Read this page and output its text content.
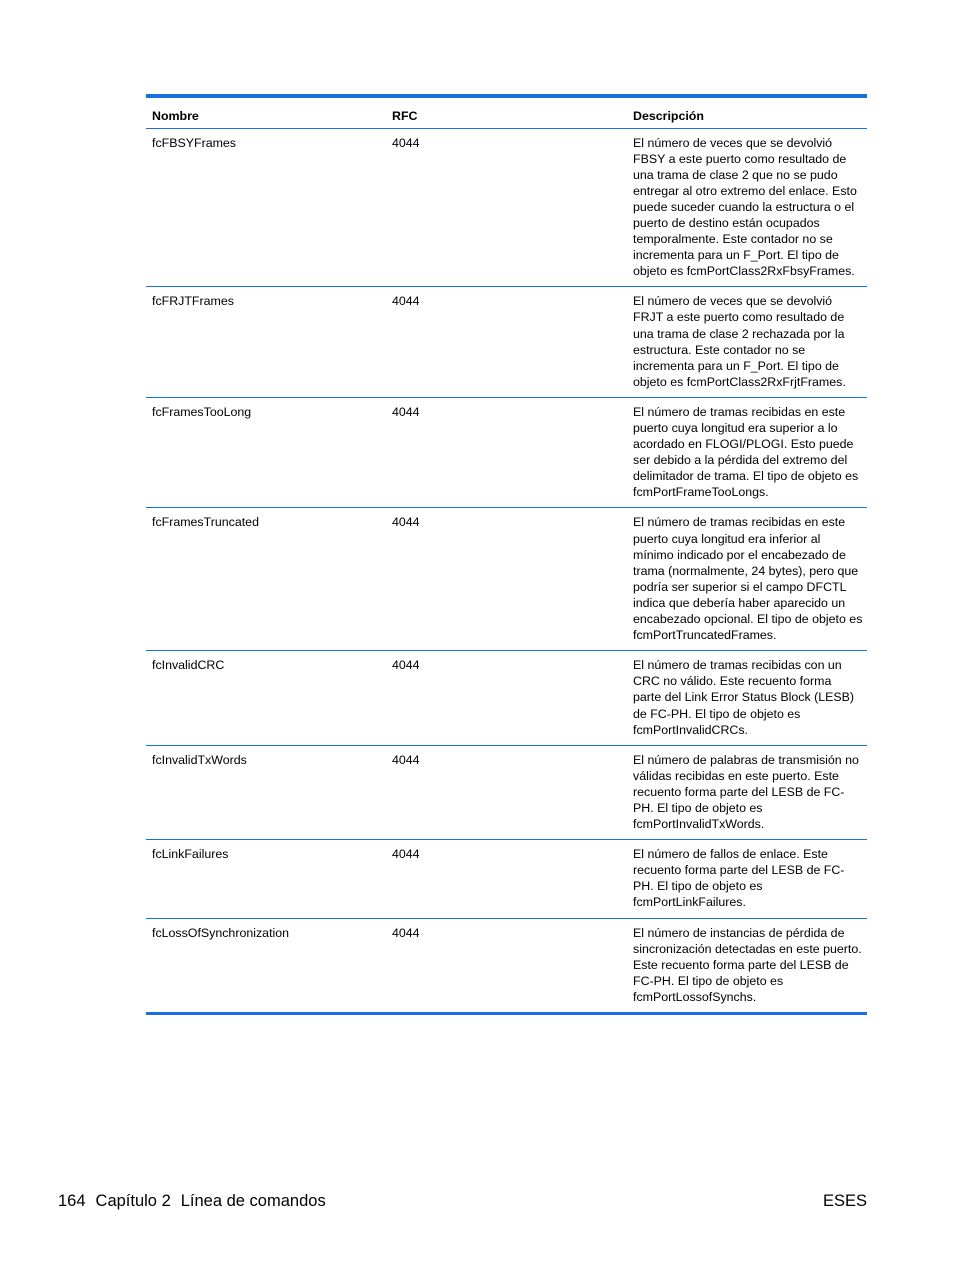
Nombre	RFC	Descripción
fcFBSYFrames	4044	El número de veces que se devolvió FBSY a este puerto como resultado de una trama de clase 2 que no se pudo entregar al otro extremo del enlace. Esto puede suceder cuando la estructura o el puerto de destino están ocupados temporalmente. Este contador no se incrementa para un F_Port. El tipo de objeto es fcmPortClass2RxFbsyFrames.
fcFRJTFrames	4044	El número de veces que se devolvió FRJT a este puerto como resultado de una trama de clase 2 rechazada por la estructura. Este contador no se incrementa para un F_Port. El tipo de objeto es fcmPortClass2RxFrjtFrames.
fcFramesTooLong	4044	El número de tramas recibidas en este puerto cuya longitud era superior a lo acordado en FLOGI/PLOGI. Esto puede ser debido a la pérdida del extremo del delimitador de trama. El tipo de objeto es fcmPortFrameTooLongs.
fcFramesTruncated	4044	El número de tramas recibidas en este puerto cuya longitud era inferior al mínimo indicado por el encabezado de trama (normalmente, 24 bytes), pero que podría ser superior si el campo DFCTL indica que debería haber aparecido un encabezado opcional. El tipo de objeto es fcmPortTruncatedFrames.
fcInvalidCRC	4044	El número de tramas recibidas con un CRC no válido. Este recuento forma parte del Link Error Status Block (LESB) de FC-PH. El tipo de objeto es fcmPortInvalidCRCs.
fcInvalidTxWords	4044	El número de palabras de transmisión no válidas recibidas en este puerto. Este recuento forma parte del LESB de FC-PH. El tipo de objeto es fcmPortInvalidTxWords.
fcLinkFailures	4044	El número de fallos de enlace. Este recuento forma parte del LESB de FC-PH. El tipo de objeto es fcmPortLinkFailures.
fcLossOfSynchronization	4044	El número de instancias de pérdida de sincronización detectadas en este puerto. Este recuento forma parte del LESB de FC-PH. El tipo de objeto es fcmPortLossofSynchs.
164 Capítulo 2 Línea de comandos	ESES
